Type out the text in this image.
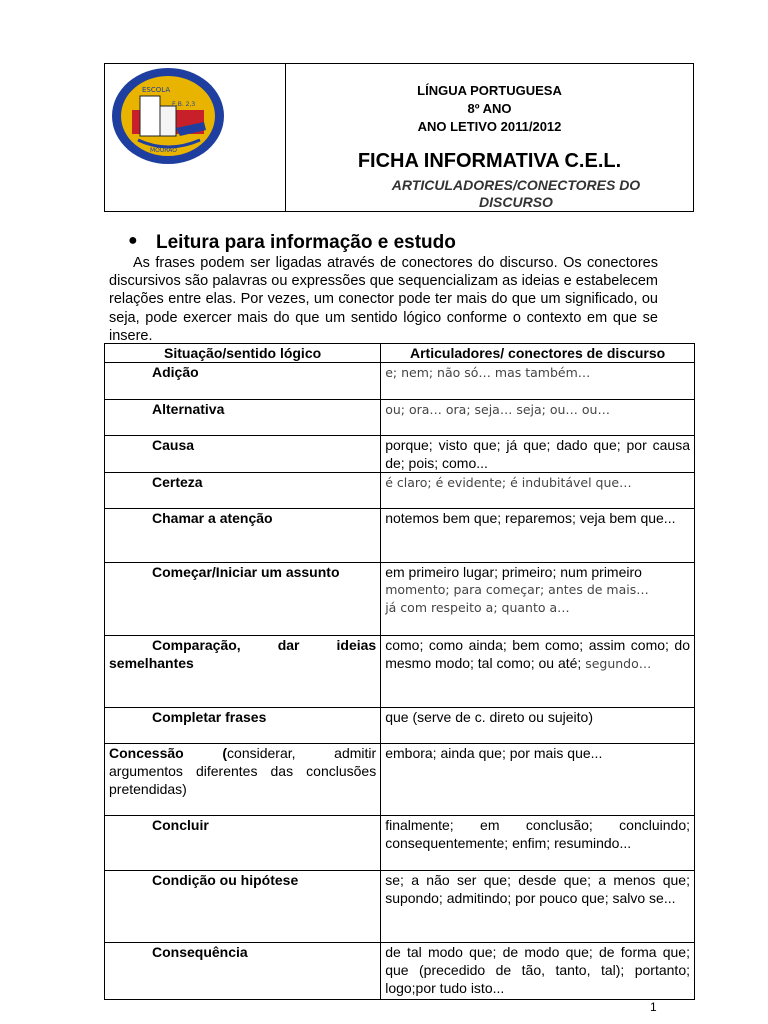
ESCOLA
E.B. 2,3
MOURÃO
LÍNGUA PORTUGUESA
8º ANO
ANO LETIVO 2011/2012
FICHA INFORMATIVA C.E.L.
ARTICULADORES/CONECTORES DO DISCURSO
● Leitura para informação e estudo
As frases podem ser ligadas através de conectores do discurso. Os conectores discursivos são palavras ou expressões que sequencializam as ideias e estabelecem relações entre elas. Por vezes, um conector pode ter mais do que um significado, ou seja, pode exercer mais do que um sentido lógico conforme o contexto em que se insere.
Situação/sentido lógico	Articuladores/ conectores de discurso

Adição	e; nem; não só… mas também…

Alternativa	ou; ora… ora; seja… seja; ou… ou…

Causa	porque; visto que; já que; dado que; por causa de; pois; como...

Certeza	é claro; é evidente; é indubitável que…

Chamar a atenção	notemos bem que; reparemos; veja bem que...

Começar/Iniciar um assunto	em primeiro lugar; primeiro; num primeiro
momento; para começar; antes de mais…
já com respeito a; quanto a…

Comparação, dar ideias
semelhantes	como; como ainda; bem como; assim como; do mesmo modo; tal como; ou até; segundo…

Completar frases	que (serve de c. direto ou sujeito)
Concessão (considerar, admitir argumentos diferentes das conclusões pretendidas)	embora; ainda que; por mais que...

Concluir	finalmente; em conclusão; concluindo; consequentemente; enfim; resumindo...

Condição ou hipótese	se; a não ser que; desde que; a menos que; supondo; admitindo; por pouco que; salvo se...

Consequência	de tal modo que; de modo que; de forma que; que (precedido de tão, tanto, tal); portanto; logo;por tudo isto...
1
